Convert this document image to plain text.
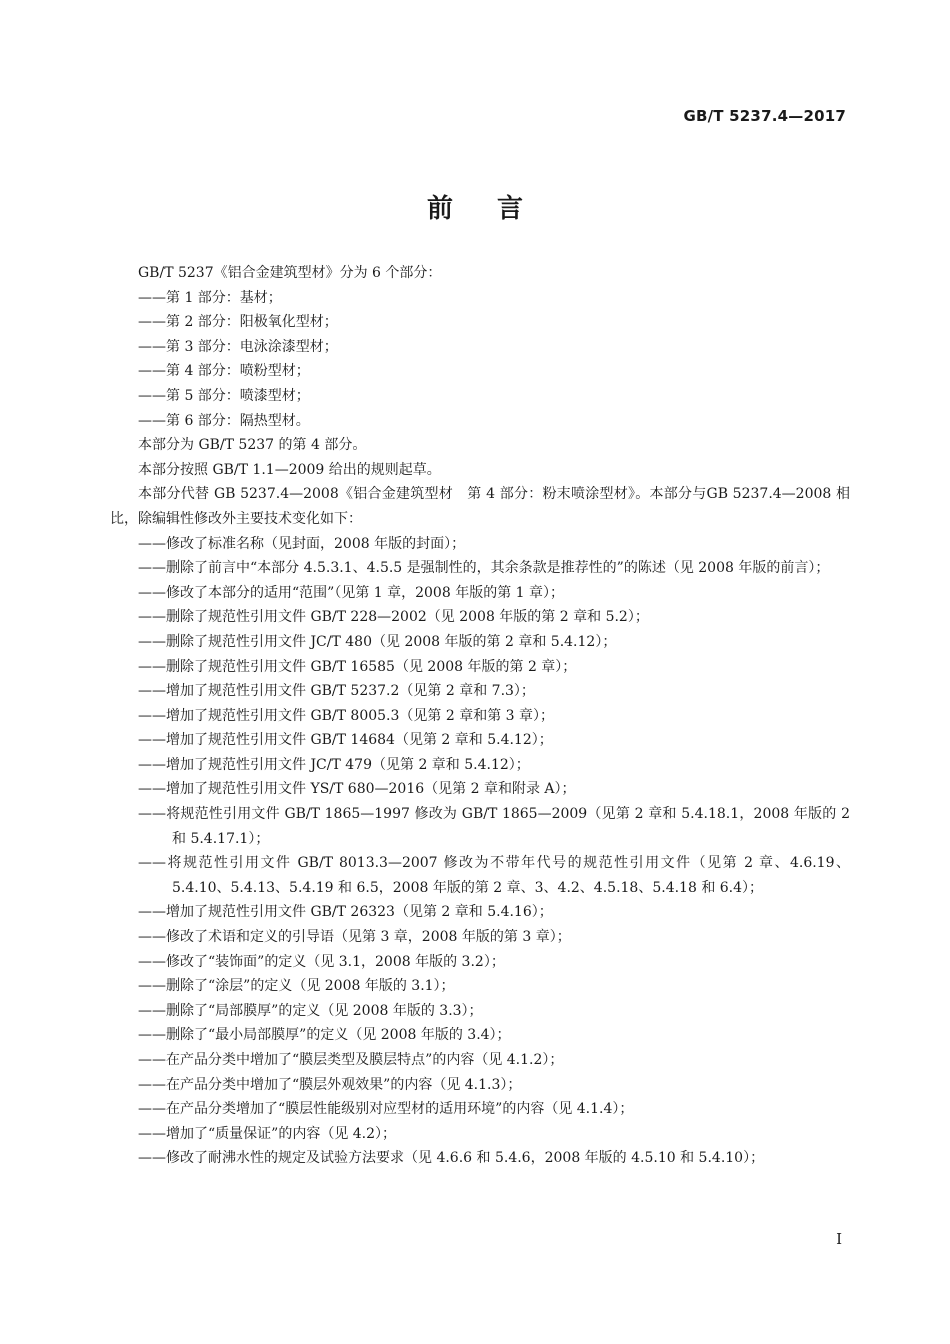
GB/T 5237.4—2017
前言

GB/T 5237《铝合金建筑型材》分为 6 个部分：

——第 1 部分：基材；

——第 2 部分：阳极氧化型材；

——第 3 部分：电泳涂漆型材；

——第 4 部分：喷粉型材；

——第 5 部分：喷漆型材；

——第 6 部分：隔热型材。

本部分为 GB/T 5237 的第 4 部分。

本部分按照 GB/T 1.1—2009 给出的规则起草。

本部分代替 GB 5237.4—2008《铝合金建筑型材　第 4 部分：粉末喷涂型材》。本部分与GB 5237.4—2008 相比，除编辑性修改外主要技术变化如下：

——修改了标准名称（见封面，2008 年版的封面）；

——删除了前言中“本部分 4.5.3.1、4.5.5 是强制性的，其余条款是推荐性的”的陈述（见 2008 年版的前言）；

——修改了本部分的适用“范围”（见第 1 章，2008 年版的第 1 章）；

——删除了规范性引用文件 GB/T 228—2002（见 2008 年版的第 2 章和 5.2）；

——删除了规范性引用文件 JC/T 480（见 2008 年版的第 2 章和 5.4.12）；

——删除了规范性引用文件 GB/T 16585（见 2008 年版的第 2 章）；

——增加了规范性引用文件 GB/T 5237.2（见第 2 章和 7.3）；

——增加了规范性引用文件 GB/T 8005.3（见第 2 章和第 3 章）；

——增加了规范性引用文件 GB/T 14684（见第 2 章和 5.4.12）；

——增加了规范性引用文件 JC/T 479（见第 2 章和 5.4.12）；

——增加了规范性引用文件 YS/T 680—2016（见第 2 章和附录 A）；

——将规范性引用文件 GB/T 1865—1997 修改为 GB/T 1865—2009（见第 2 章和 5.4.18.1，2008 年版的 2 和 5.4.17.1）；

——将规范性引用文件 GB/T 8013.3—2007 修改为不带年代号的规范性引用文件（见第 2 章、4.6.19、5.4.10、5.4.13、5.4.19 和 6.5，2008 年版的第 2 章、3、4.2、4.5.18、5.4.18 和 6.4）；

——增加了规范性引用文件 GB/T 26323（见第 2 章和 5.4.16）；

——修改了术语和定义的引导语（见第 3 章，2008 年版的第 3 章）；

——修改了“装饰面”的定义（见 3.1，2008 年版的 3.2）；

——删除了“涂层”的定义（见 2008 年版的 3.1）；

——删除了“局部膜厚”的定义（见 2008 年版的 3.3）；

——删除了“最小局部膜厚”的定义（见 2008 年版的 3.4）；

——在产品分类中增加了“膜层类型及膜层特点”的内容（见 4.1.2）；

——在产品分类中增加了“膜层外观效果”的内容（见 4.1.3）；

——在产品分类增加了“膜层性能级别对应型材的适用环境”的内容（见 4.1.4）；

——增加了“质量保证”的内容（见 4.2）；

——修改了耐沸水性的规定及试验方法要求（见 4.6.6 和 5.4.6，2008 年版的 4.5.10 和 5.4.10）；

I
